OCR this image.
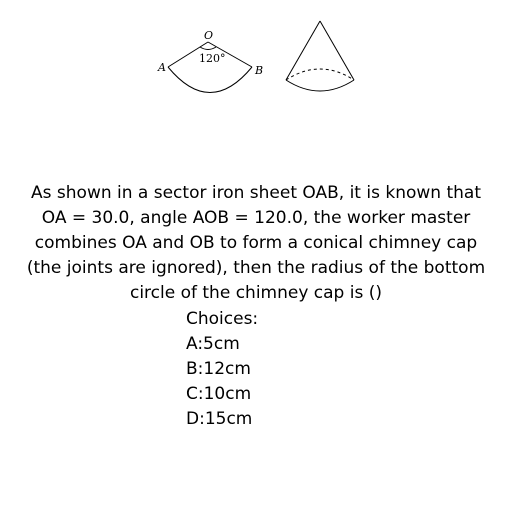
O
A	B
120°
As shown in a sector iron sheet OAB, it is known that OA = 30.0, angle AOB = 120.0, the worker master combines OA and OB to form a conical chimney cap (the joints are ignored), then the radius of the bottom circle of the chimney cap is ()
Choices:
A:5cm
B:12cm
C:10cm
D:15cm
